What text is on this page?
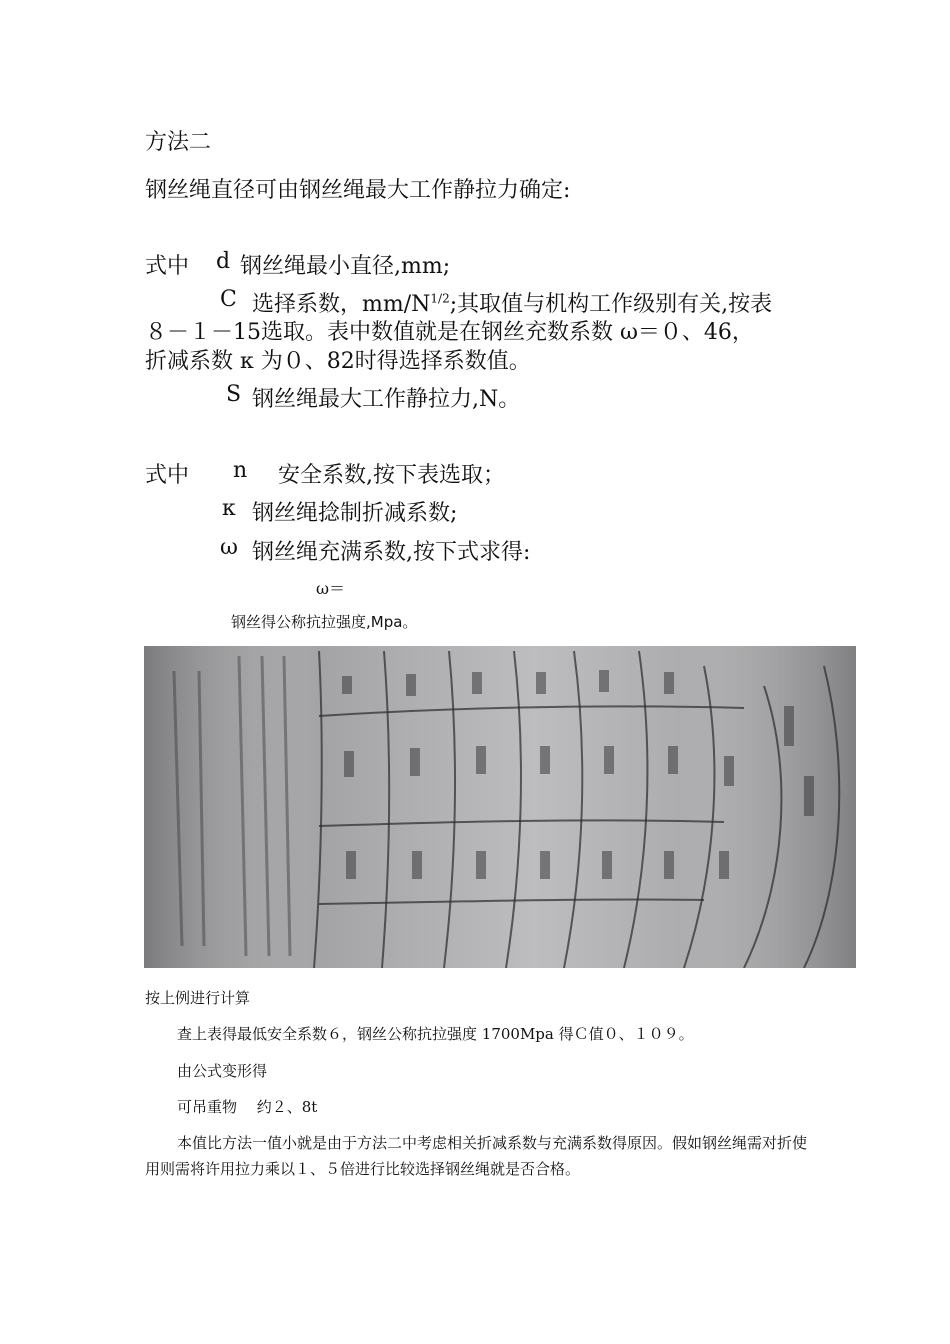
方法二
钢丝绳直径可由钢丝绳最大工作静拉力确定:
式中 d 钢丝绳最小直径,mm;
C 选择系数，$mm/N^{1/2}$;其取值与机构工作级别有关,按表
８－１－15选取。表中数值就是在钢丝充数系数 ω＝０、46，
折减系数 κ 为０、82时得选择系数值。
S 钢丝绳最大工作静拉力,N。
式中 n 安全系数,按下表选取；
κ 钢丝绳捻制折减系数;
ω 钢丝绳充满系数,按下式求得:
ω＝
钢丝得公称抗拉强度,Mpa。
按上例进行计算
查上表得最低安全系数６，钢丝公称抗拉强度 1700Mpa 得Ｃ值０、１０９。
由公式变形得
可吊重物　 约２、8t
本值比方法一值小就是由于方法二中考虑相关折减系数与充满系数得原因。假如钢丝绳需对折使用则需将许用拉力乘以１、５倍进行比较选择钢丝绳就是否合格。
